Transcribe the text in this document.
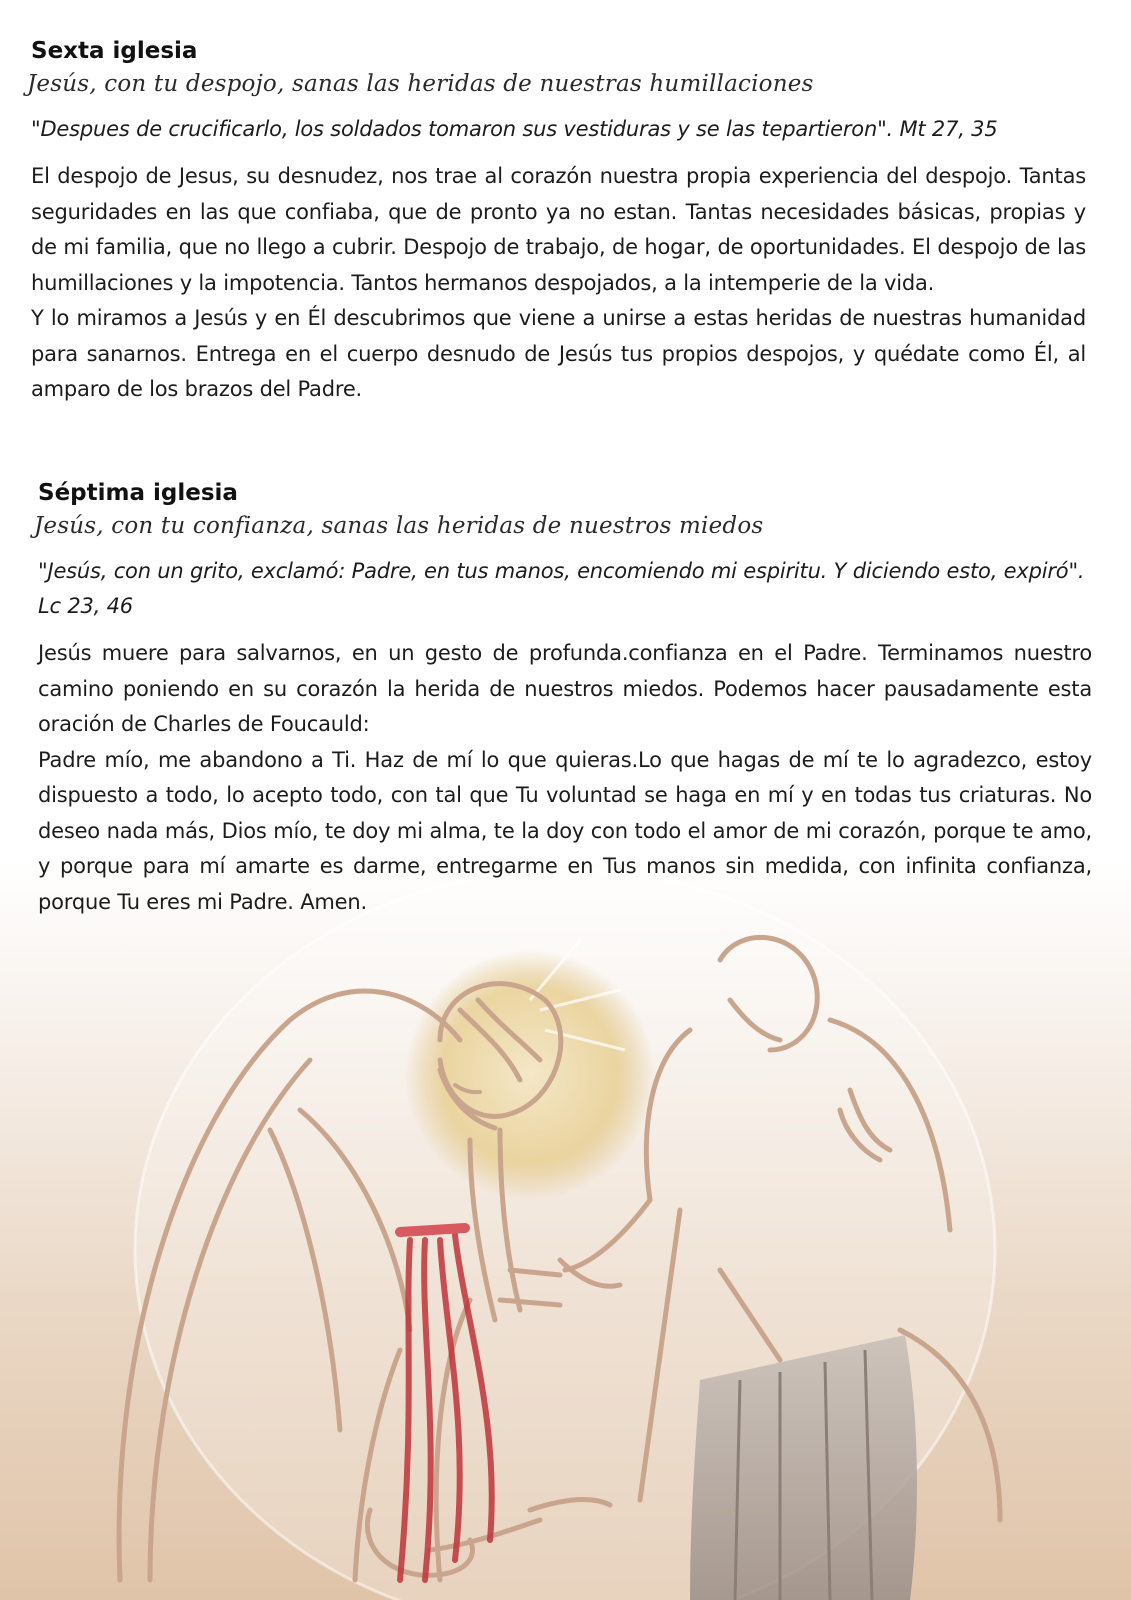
Sexta iglesia

Jesús, con tu despojo, sanas las heridas de nuestras humillaciones

"Despues de crucificarlo, los soldados tomaron sus vestiduras y se las tepartieron". Mt 27, 35

El despojo de Jesus, su desnudez, nos trae al corazón nuestra propia experiencia del despojo. Tantas seguridades en las que confiaba, que de pronto ya no estan. Tantas necesidades básicas, propias y de mi familia, que no llego a cubrir. Despojo de trabajo, de hogar, de oportunidades. El despojo de las humillaciones y la impotencia. Tantos hermanos despojados, a la intemperie de la vida.

Y lo miramos a Jesús y en Él descubrimos que viene a unirse a estas heridas de nuestras humanidad para sanarnos. Entrega en el cuerpo desnudo de Jesús tus propios despojos, y quédate como Él, al amparo de los brazos del Padre.

Séptima iglesia

Jesús, con tu confianza, sanas las heridas de nuestros miedos

"Jesús, con un grito, exclamó: Padre, en tus manos, encomiendo mi espiritu. Y diciendo esto, expiró". Lc 23, 46

Jesús muere para salvarnos, en un gesto de profunda.confianza en el Padre. Terminamos nuestro camino poniendo en su corazón la herida de nuestros miedos. Podemos hacer pausadamente esta oración de Charles de Foucauld:

Padre mío, me abandono a Ti. Haz de mí lo que quieras.Lo que hagas de mí te lo agradezco, estoy dispuesto a todo, lo acepto todo, con tal que Tu voluntad se haga en mí y en todas tus criaturas. No deseo nada más, Dios mío, te doy mi alma, te la doy con todo el amor de mi corazón, porque te amo, y porque para mí amarte es darme, entregarme en Tus manos sin medida, con infinita confianza, porque Tu eres mi Padre. Amen.
